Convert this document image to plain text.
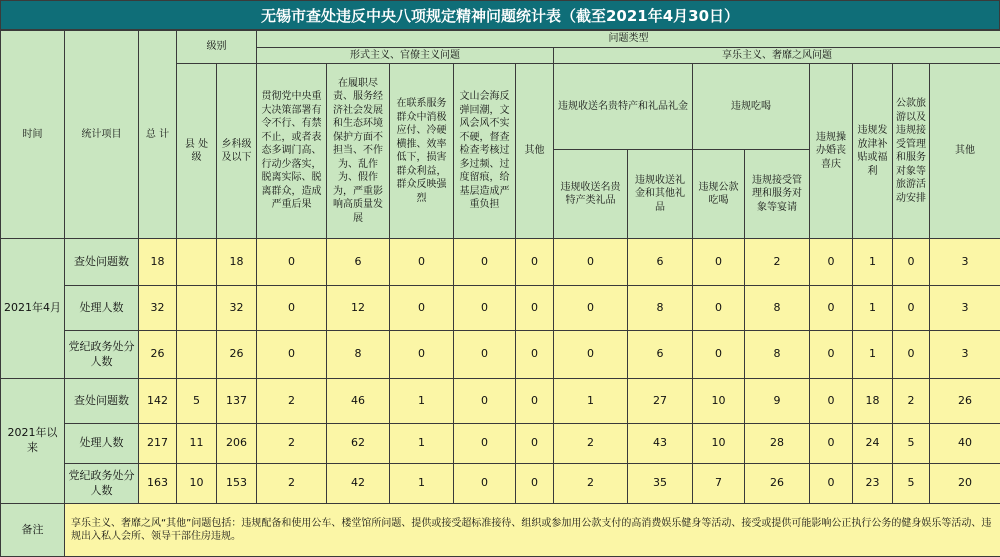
无锡市查处违反中央八项规定精神问题统计表（截至2021年4月30日）
时间	统计项目	总 计	级别		问题类型												
					形式主义、官僚主义问题					享乐主义、奢靡之风问题							
			县 处 级	乡科级及以下	贯彻党中央重大决策部署有令不行、有禁不止，或者表态多调门高、行动少落实，脱离实际、脱离群众，造成严重后果	在履职尽责、服务经济社会发展和生态环境保护方面不担当、不作为、乱作为、假作为，严重影响高质量发展	在联系服务群众中消极应付、冷硬横推、效率低下，损害群众利益，群众反映强烈	文山会海反弹回潮，文风会风不实不硬，督查检查考核过多过频、过度留痕，给基层造成严重负担	其他	违规收送名贵特产和礼品礼金		违规吃喝		违规操办婚丧喜庆	违规发放津补贴或福利	公款旅游以及违规接受管理和服务对象等旅游活动安排	其他
										违规收送名贵特产类礼品	违规收送礼金和其他礼品	违规公款吃喝	违规接受管理和服务对象等宴请				
2021年4月	查处问题数	18		18	0	6	0	0	0	0	6	0	2	0	1	0	3
	处理人数	32		32	0	12	0	0	0	0	8	0	8	0	1	0	3
	党纪政务处分人数	26		26	0	8	0	0	0	0	6	0	8	0	1	0	3
2021年以来	查处问题数	142	5	137	2	46	1	0	0	1	27	10	9	0	18	2	26
	处理人数	217	11	206	2	62	1	0	0	2	43	10	28	0	24	5	40
	党纪政务处分人数	163	10	153	2	42	1	0	0	2	35	7	26	0	23	5	20
备注	享乐主义、奢靡之风“其他”问题包括：违规配备和使用公车、楼堂馆所问题、提供或接受超标准接待、组织或参加用公款支付的高消费娱乐健身等活动、接受或提供可能影响公正执行公务的健身娱乐等活动、违规出入私人会所、领导干部住房违规。																
